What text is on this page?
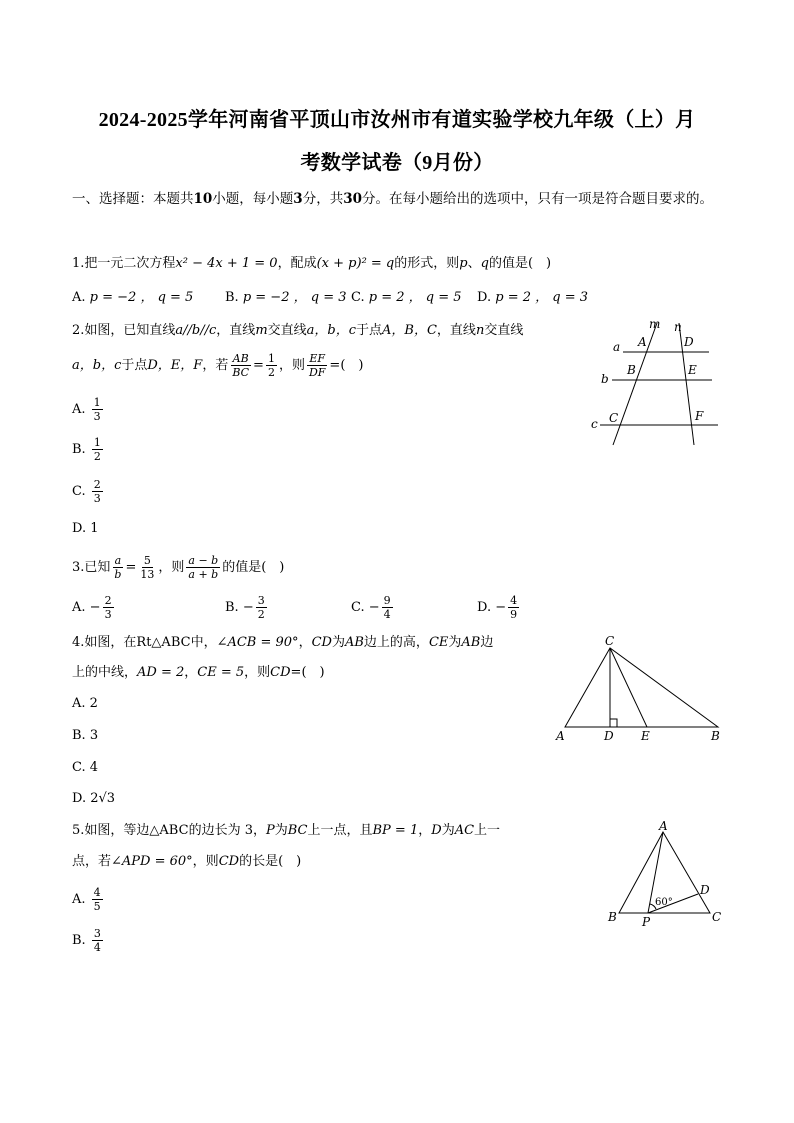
2024-2025学年河南省平顶山市汝州市有道实验学校九年级（上）月
考数学试卷（9月份）
一、选择题：本题共10小题，每小题3分，共30分。在每小题给出的选项中，只有一项是符合题目要求的。
1.把一元二次方程x² − 4x + 1 = 0，配成(x + p)² = q的形式，则p、q的值是(　)
A. p = −2 ， q = 5 B. p = −2 ， q = 3 C. p = 2 ， q = 5 D. p = 2 ， q = 3
2.如图，已知直线a//b//c，直线m交直线a，b，c于点A，B，C，直线n交直线
a，b，c于点D，E，F，若 $\frac{AB}{BC} = \frac{1}{2}$ ，则 $\frac{EF}{DF}$ =(　)
A. $\frac{1}{3}$
B. $\frac{1}{2}$
C. $\frac{2}{3}$
D. 1
m n
a
b
c
A
B
C
D
E
F
3.已知 $\frac{a}{b} = \frac{5}{13}$ ，则 $\frac{a - b}{a + b}$ 的值是(　)
A. − $\frac{2}{3}$	B. − $\frac{3}{2}$	C. − $\frac{9}{4}$	D. − $\frac{4}{9}$
4.如图，在Rt△ABC中，∠ACB = 90°，CD为AB边上的高，CE为AB边
上的中线，AD = 2，CE = 5，则CD=(　)
A. 2
B. 3
C. 4
D. 2√3
C
A	D E	B
5.如图，等边△ABC的边长为 3，P为BC上一点，且BP = 1，D为AC上一
点，若∠APD = 60°，则CD的长是(　)
A. $\frac{4}{5}$
B. $\frac{3}{4}$
A
B P	C
D
60°
